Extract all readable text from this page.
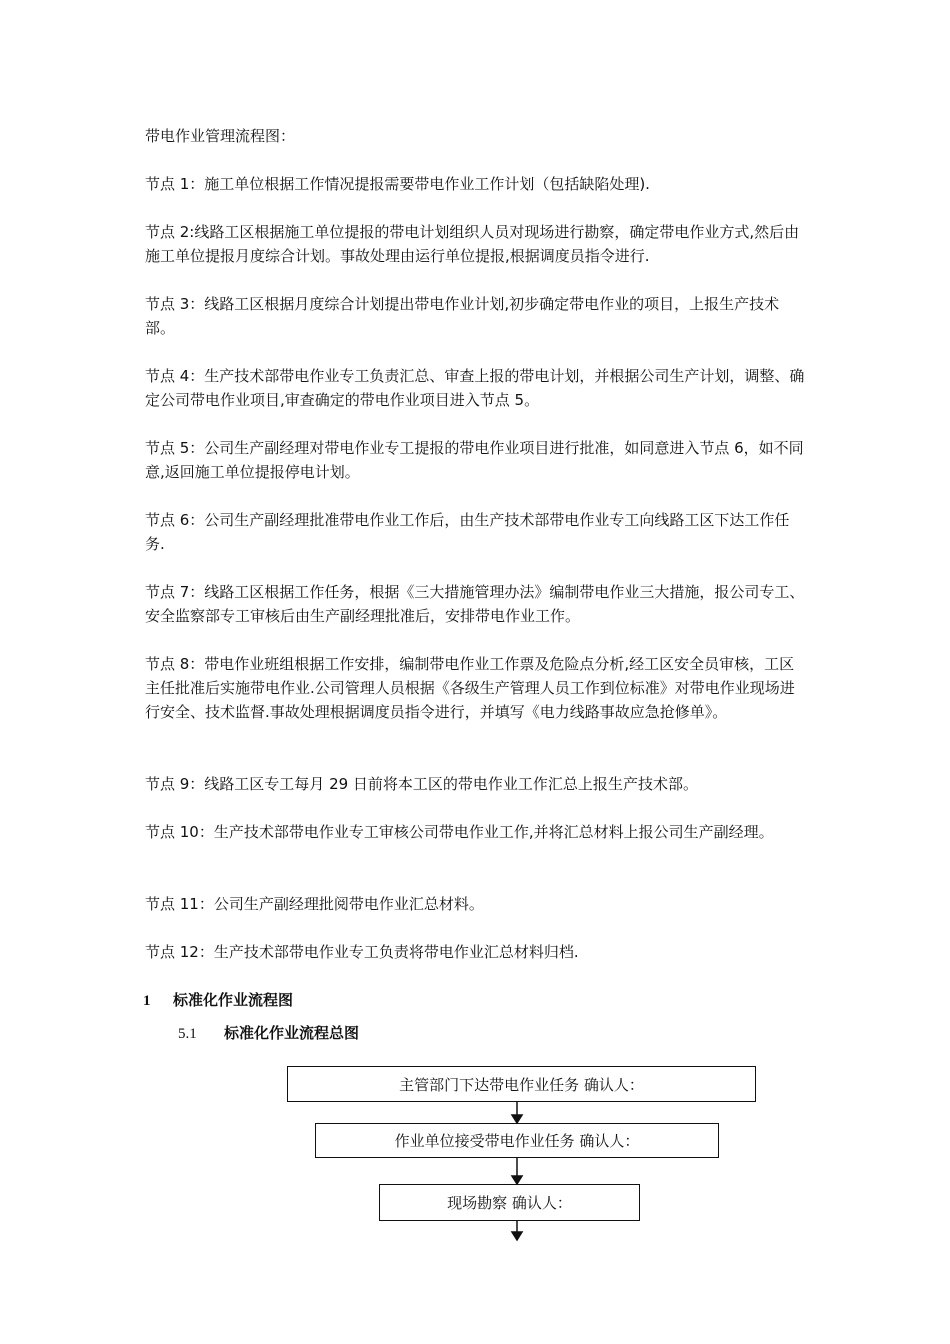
带电作业管理流程图：

节点 1：施工单位根据工作情况提报需要带电作业工作计划（包括缺陷处理).

节点 2:线路工区根据施工单位提报的带电计划组织人员对现场进行勘察，确定带电作业方式,然后由施工单位提报月度综合计划。事故处理由运行单位提报,根据调度员指令进行.

节点 3：线路工区根据月度综合计划提出带电作业计划,初步确定带电作业的项目，上报生产技术部。

节点 4：生产技术部带电作业专工负责汇总、审查上报的带电计划，并根据公司生产计划，调整、确定公司带电作业项目,审查确定的带电作业项目进入节点 5。

节点 5：公司生产副经理对带电作业专工提报的带电作业项目进行批准，如同意进入节点 6，如不同意,返回施工单位提报停电计划。

节点 6：公司生产副经理批准带电作业工作后，由生产技术部带电作业专工向线路工区下达工作任务.

节点 7：线路工区根据工作任务，根据《三大措施管理办法》编制带电作业三大措施，报公司专工、安全监察部专工审核后由生产副经理批准后，安排带电作业工作。

节点 8：带电作业班组根据工作安排，编制带电作业工作票及危险点分析,经工区安全员审核，工区主任批准后实施带电作业.公司管理人员根据《各级生产管理人员工作到位标准》对带电作业现场进行安全、技术监督.事故处理根据调度员指令进行，并填写《电力线路事故应急抢修单》。

节点 9：线路工区专工每月 29 日前将本工区的带电作业工作汇总上报生产技术部。

节点 10：生产技术部带电作业专工审核公司带电作业工作,并将汇总材料上报公司生产副经理。

节点 11：公司生产副经理批阅带电作业汇总材料。

节点 12：生产技术部带电作业专工负责将带电作业汇总材料归档.

1 标准化作业流程图
5.1 标准化作业流程总图
主管部门下达带电作业任务 确认人：
作业单位接受带电作业任务 确认人：
现场勘察 确认人：
